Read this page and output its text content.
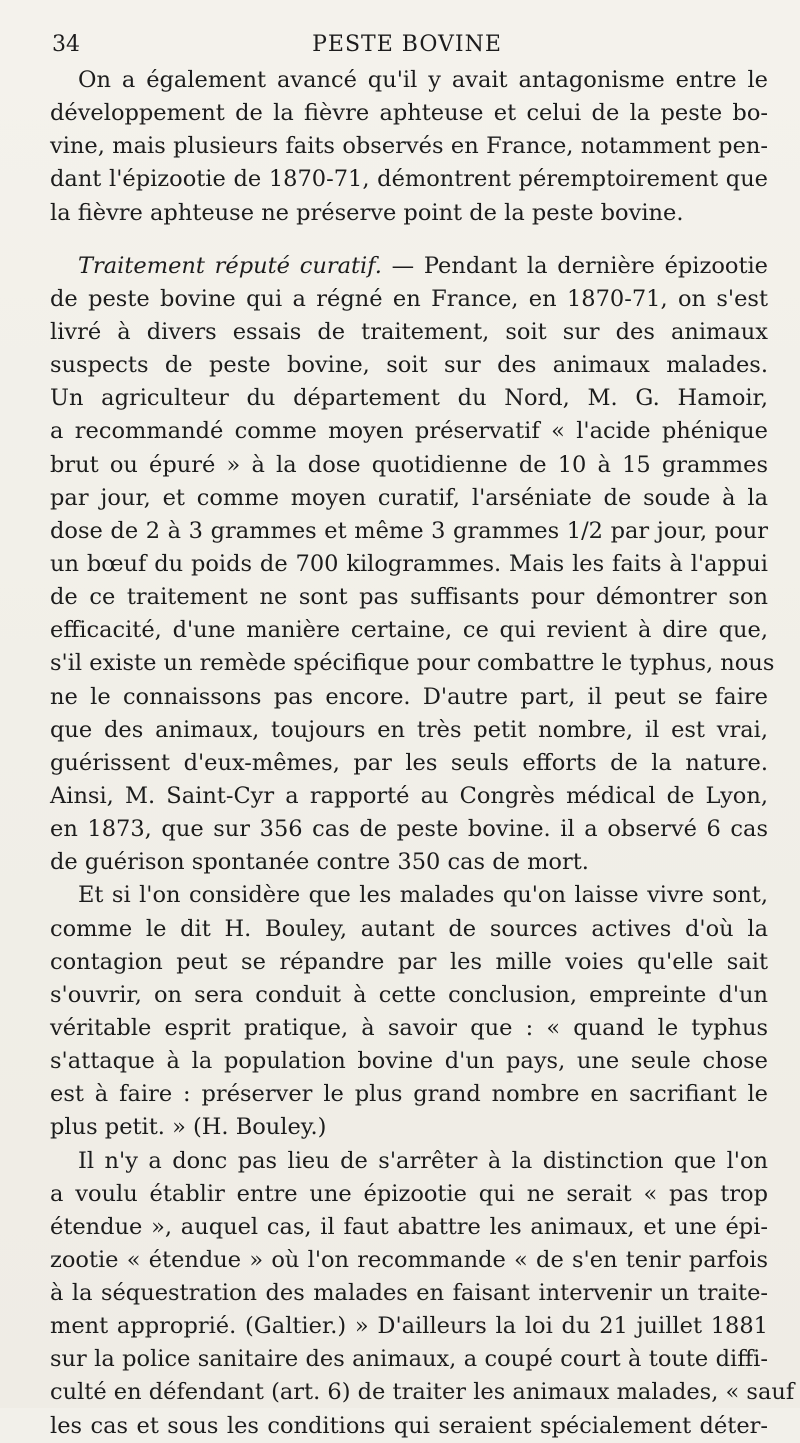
34	PESTE BOVINE
On a également avancé qu'il y avait antagonisme entre le
développement de la fièvre aphteuse et celui de la peste bo-
vine, mais plusieurs faits observés en France, notamment pen-
dant l'épizootie de 1870-71, démontrent péremptoirement que
la fièvre aphteuse ne préserve point de la peste bovine.
Traitement réputé curatif. — Pendant la dernière épizootie
de peste bovine qui a régné en France, en 1870-71, on s'est
livré à divers essais de traitement, soit sur des animaux
suspects de peste bovine, soit sur des animaux malades.
Un agriculteur du département du Nord, M. G. Hamoir,
a recommandé comme moyen préservatif « l'acide phénique
brut ou épuré » à la dose quotidienne de 10 à 15 grammes
par jour, et comme moyen curatif, l'arséniate de soude à la
dose de 2 à 3 grammes et même 3 grammes 1/2 par jour, pour
un bœuf du poids de 700 kilogrammes. Mais les faits à l'appui
de ce traitement ne sont pas suffisants pour démontrer son
efficacité, d'une manière certaine, ce qui revient à dire que,
s'il existe un remède spécifique pour combattre le typhus, nous
ne le connaissons pas encore. D'autre part, il peut se faire
que des animaux, toujours en très petit nombre, il est vrai,
guérissent d'eux-mêmes, par les seuls efforts de la nature.
Ainsi, M. Saint-Cyr a rapporté au Congrès médical de Lyon,
en 1873, que sur 356 cas de peste bovine. il a observé 6 cas
de guérison spontanée contre 350 cas de mort.
Et si l'on considère que les malades qu'on laisse vivre sont,
comme le dit H. Bouley, autant de sources actives d'où la
contagion peut se répandre par les mille voies qu'elle sait
s'ouvrir, on sera conduit à cette conclusion, empreinte d'un
véritable esprit pratique, à savoir que : « quand le typhus
s'attaque à la population bovine d'un pays, une seule chose
est à faire : préserver le plus grand nombre en sacrifiant le
plus petit. » (H. Bouley.)
Il n'y a donc pas lieu de s'arrêter à la distinction que l'on
a voulu établir entre une épizootie qui ne serait « pas trop
étendue », auquel cas, il faut abattre les animaux, et une épi-
zootie « étendue » où l'on recommande « de s'en tenir parfois
à la séquestration des malades en faisant intervenir un traite-
ment approprié. (Galtier.) » D'ailleurs la loi du 21 juillet 1881
sur la police sanitaire des animaux, a coupé court à toute diffi-
culté en défendant (art. 6) de traiter les animaux malades, « sauf
les cas et sous les conditions qui seraient spécialement déter-
